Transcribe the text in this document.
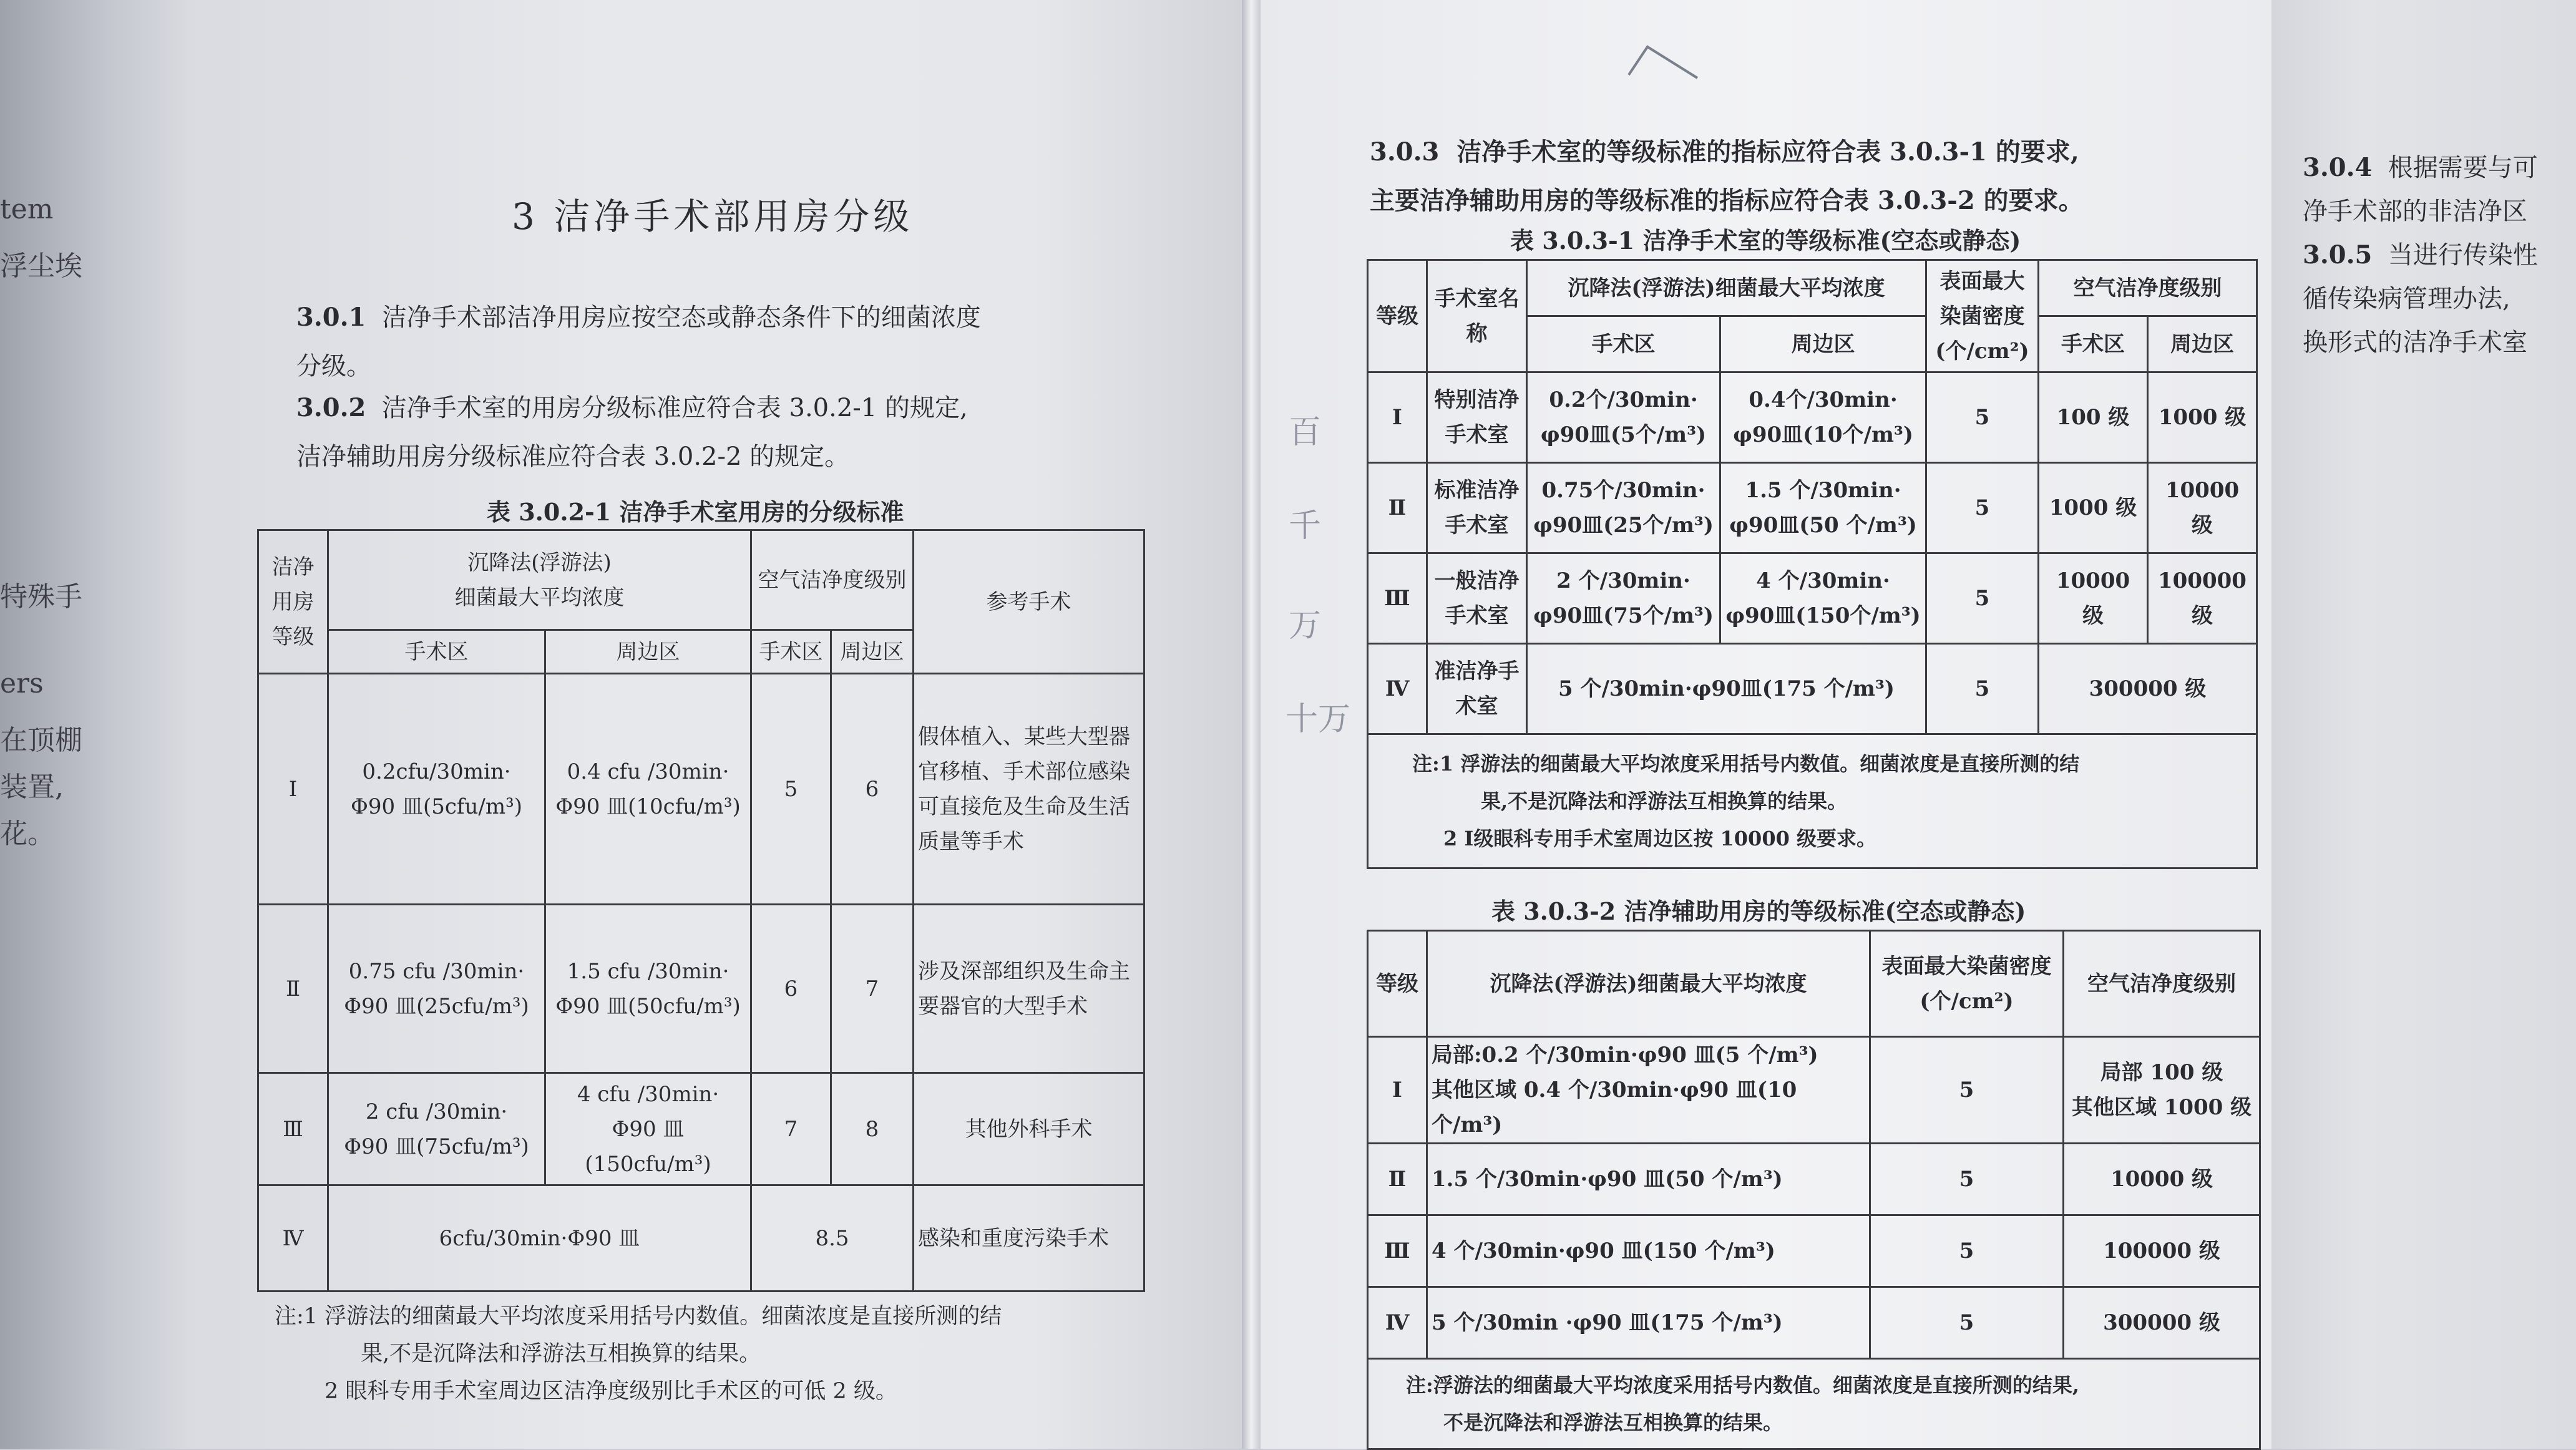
tem
浮尘埃
特殊手
ers
在顶棚
装置,
花。
3 洁净手术部用房分级
3.0.1 洁净手术部洁净用房应按空态或静态条件下的细菌浓度
分级。
3.0.2 洁净手术室的用房分级标准应符合表 3.0.2-1 的规定,
洁净辅助用房分级标准应符合表 3.0.2-2 的规定。
表 3.0.2-1 洁净手术室用房的分级标准
洁净用房等级	沉降法(浮游法)
细菌最大平均浓度		空气洁净度级别		参考手术
	手术区	周边区	手术区	周边区	
Ⅰ	0.2cfu/30min·
Φ90 皿(5cfu/m³)	0.4 cfu /30min·
Φ90 皿(10cfu/m³)	5	6	假体植入、某些大型器官移植、手术部位感染可直接危及生命及生活质量等手术
Ⅱ	0.75 cfu /30min·
Φ90 皿(25cfu/m³)	1.5 cfu /30min·
Φ90 皿(50cfu/m³)	6	7	涉及深部组织及生命主要器官的大型手术
Ⅲ	2 cfu /30min·
Φ90 皿(75cfu/m³)	4 cfu /30min·
Φ90 皿(150cfu/m³)	7	8	其他外科手术
Ⅳ	6cfu/30min·Φ90 皿		8.5		感染和重度污染手术
注:1 浮游法的细菌最大平均浓度采用括号内数值。细菌浓度是直接所测的结
果,不是沉降法和浮游法互相换算的结果。
2 眼科专用手术室周边区洁净度级别比手术区的可低 2 级。
3.0.3 洁净手术室的等级标准的指标应符合表 3.0.3-1 的要求,
主要洁净辅助用房的等级标准的指标应符合表 3.0.3-2 的要求。
表 3.0.3-1 洁净手术室的等级标准(空态或静态)
等级	手术室名称	沉降法(浮游法)细菌最大平均浓度		表面最大染菌密度(个/cm²)	空气洁净度级别	
		手术区	周边区		手术区	周边区
Ⅰ	特别洁净手术室	0.2个/30min·
φ90皿(5个/m³)	0.4个/30min·
φ90皿(10个/m³)	5	100 级	1000 级
Ⅱ	标准洁净手术室	0.75个/30min·
φ90皿(25个/m³)	1.5 个/30min·
φ90皿(50 个/m³)	5	1000 级	10000 级
Ⅲ	一般洁净手术室	2 个/30min·
φ90皿(75个/m³)	4 个/30min·
φ90皿(150个/m³)	5	10000 级	100000 级
Ⅳ	准洁净手术室	5 个/30min·φ90皿(175 个/m³)		5	300000 级	

注:1 浮游法的细菌最大平均浓度采用括号内数值。细菌浓度是直接所测的结
果,不是沉降法和浮游法互相换算的结果。
2 Ⅰ级眼科专用手术室周边区按 10000 级要求。						
表 3.0.3-2 洁净辅助用房的等级标准(空态或静态)
等级	沉降法(浮游法)细菌最大平均浓度	表面最大染菌密度(个/cm²)	空气洁净度级别
Ⅰ	局部:0.2 个/30min·φ90 皿(5 个/m³)
其他区域 0.4 个/30min·φ90 皿(10 个/m³)	5	局部 100 级
其他区域 1000 级
Ⅱ	1.5 个/30min·φ90 皿(50 个/m³)	5	10000 级
Ⅲ	4 个/30min·φ90 皿(150 个/m³)	5	100000 级
Ⅳ	5 个/30min ·φ90 皿(175 个/m³)	5	300000 级

注:浮游法的细菌最大平均浓度采用括号内数值。细菌浓度是直接所测的结果,
不是沉降法和浮游法互相换算的结果。			
百
千
万
十万
3.0.4 根据需要与可
净手术部的非洁净区
3.0.5 当进行传染性
循传染病管理办法,
换形式的洁净手术室
